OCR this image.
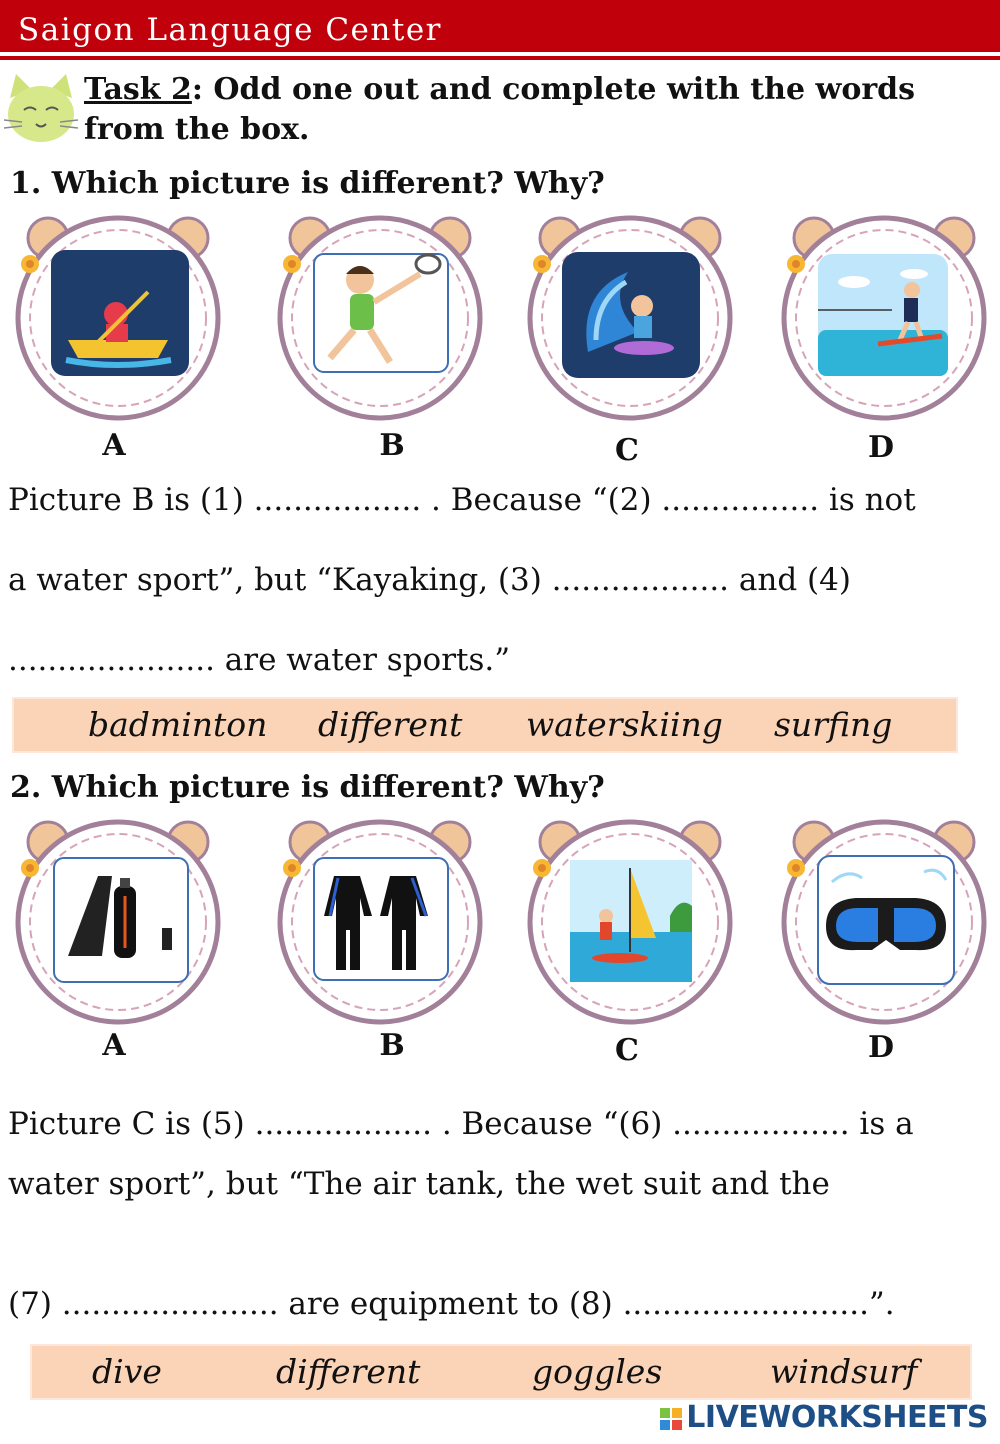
Saigon Language Center
Task 2: Odd one out and complete with the words from the box.
1. Which picture is different? Why?
A	B	C	D
Picture B is (1) ................. . Because “(2) ................ is not
a water sport”, but “Kayaking, (3) .................. and (4)
..................... are water sports.”
badminton different waterskiing surfing
2. Which picture is different? Why?
A	B	C	D
Picture C is (5) .................. . Because “(6) .................. is a
water sport”, but “The air tank, the wet suit and the
(7) ...................... are equipment to (8) .........................”.
dive	different	goggles	windsurf
LIVEWORKSHEETS
